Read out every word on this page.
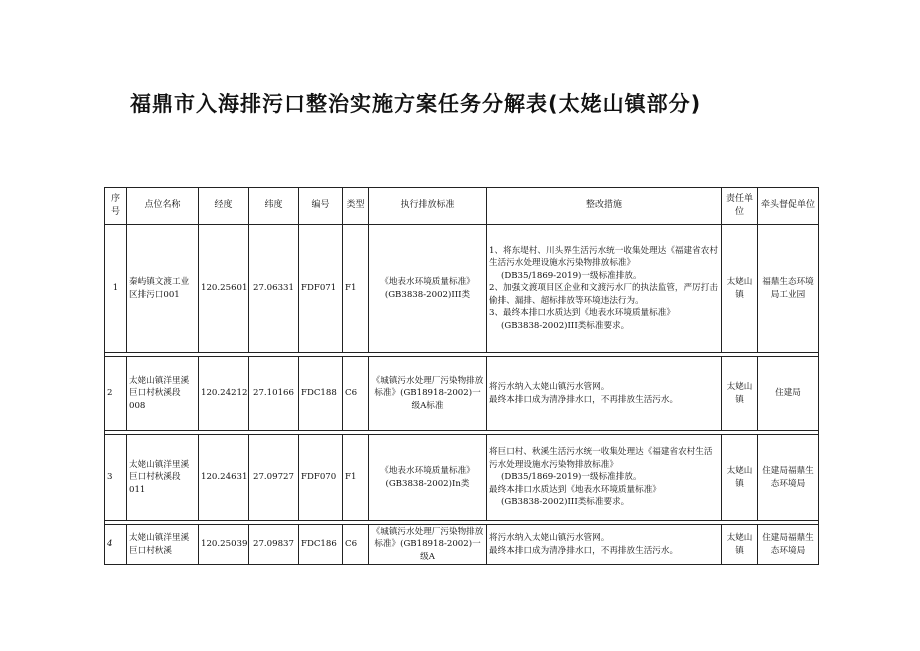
福鼎市入海排污口整治实施方案任务分解表(太姥山镇部分)
序号	点位名称	经度	纬度	编号	类型	执行排放标准	整改措施	责任单位	牵头督促单位
1	秦屿镇文渡工业区排污口001	120.25601	27.06331	FDF071	F1	《地表水环境质量标准》(GB3838-2002)III类	1、将东堤村、川头界生活污水统一收集处理达《福建省农村生活污水处理设施水污染物排放标准》

(DB35/1869-2019)一级标准排放。

2、加强文渡项目区企业和文渡污水厂的执法监管，严厉打击偷排、漏排、超标排放等环境违法行为。

3、最终本排口水质达到《地表水环境质量标准》

(GB3838-2002)III类标准要求。	太姥山镇	福鼎生态环境局工业园

2	太姥山镇洋里溪巨口村秋溪段008	120.24212	27.10166	FDC188	C6	《城镇污水处理厂污染物排放标准》(GB18918-2002)一级A标准	将污水纳入太姥山镇污水管网。

最终本排口成为清净排水口，不再排放生活污水。	太姥山镇	住建局

3	太姥山镇洋里溪巨口村秋溪段011	120.24631	27.09727	FDF070	F1	《地表水环境质量标准》(GB3838-2002)In类	将巨口村、秋溪生活污水统一收集处理达《福建省农村生活污水处理设施水污染物排放标准》

(DB35/1869-2019)一级标准排放。

最终本排口水质达到《地表水环境质量标准》

(GB3838-2002)III类标准要求。	太姥山镇	住建局福鼎生态环境局

4	太姥山镇洋里溪巨口村秋溪	120.25039	27.09837	FDC186	C6	《城镇污水处理厂污染物排放标准》(GB18918-2002)一级A	将污水纳入太姥山镇污水管网。

最终本排口成为清净排水口，不再排放生活污水。	太姥山镇	住建局福鼎生态环境局
